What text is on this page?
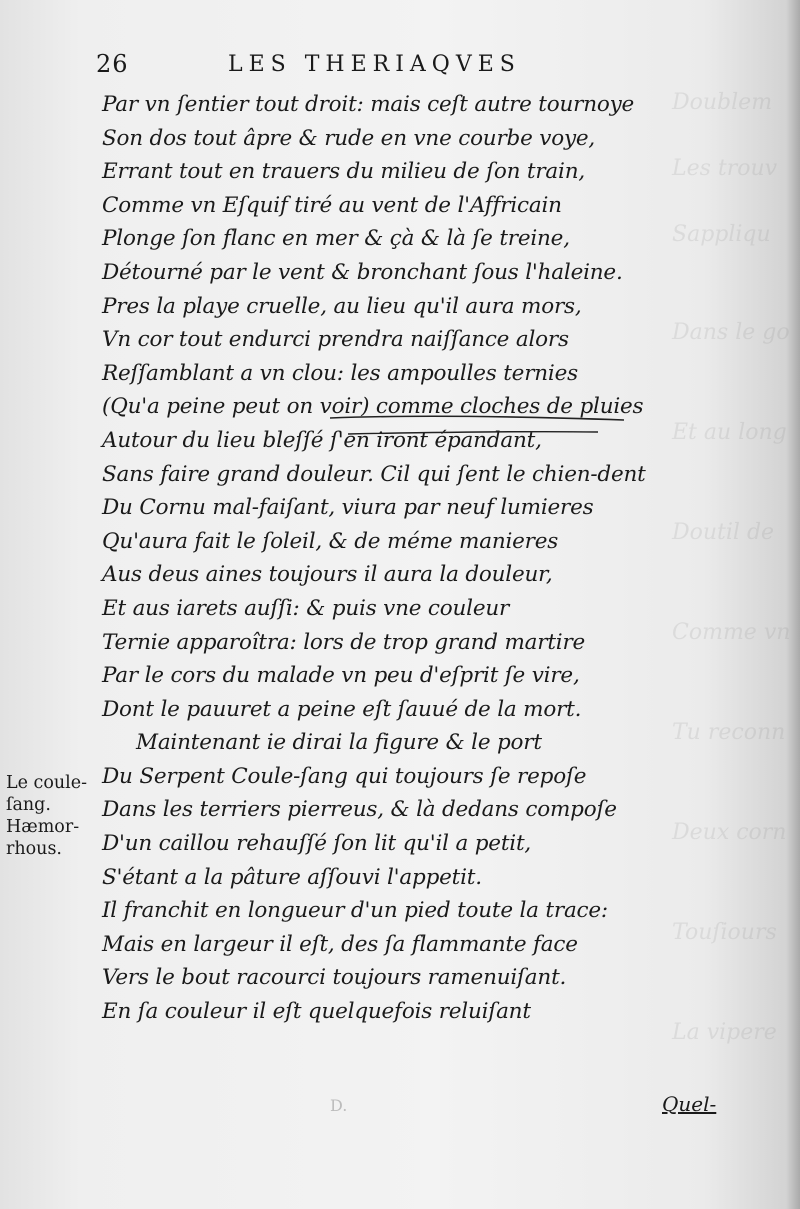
Doublem
Les trouv
Sappliqu
Dans le go
Et au long
Doutil de
Comme vn
Tu reconn
Deux corn
Touſiours
La vipere
26	LES THERIAQVES
Par vn ſentier tout droit: mais ceſt autre tournoye
Son dos tout âpre & rude en vne courbe voye,
Errant tout en trauers du milieu de ſon train,
Comme vn Eſquif tiré au vent de l'Affricain
Plonge ſon flanc en mer & çà & là ſe treine,
Détourné par le vent & bronchant ſous l'haleine.
Pres la playe cruelle, au lieu qu'il aura mors,
Vn cor tout endurci prendra naiſſance alors
Reſſamblant a vn clou: les ampoulles ternies
(Qu'a peine peut on voir) comme cloches de pluies
Autour du lieu bleſſé ſ'en iront épandant,
Sans faire grand douleur. Cil qui ſent le chien-dent
Du Cornu mal-faiſant, viura par neuf lumieres
Qu'aura fait le ſoleil, & de méme manieres
Aus deus aines toujours il aura la douleur,
Et aus iarets auſſi: & puis vne couleur
Ternie apparoîtra: lors de trop grand martire
Par le cors du malade vn peu d'eſprit ſe vire,
Dont le pauuret a peine eſt ſauué de la mort.
Maintenant ie dirai la figure & le port
Du Serpent Coule-ſang qui toujours ſe repoſe
Dans les terriers pierreus, & là dedans compoſe
D'un caillou rehauſſé ſon lit qu'il a petit,
S'étant a la pâture aſſouvi l'appetit.
Il franchit en longueur d'un pied toute la trace:
Mais en largeur il eſt, des ſa flammante face
Vers le bout racourci toujours ramenuiſant.
En ſa couleur il eſt quelquefois reluiſant
Le coule-
ſang.
Hæmor-
rhous.
D.	Quel-
